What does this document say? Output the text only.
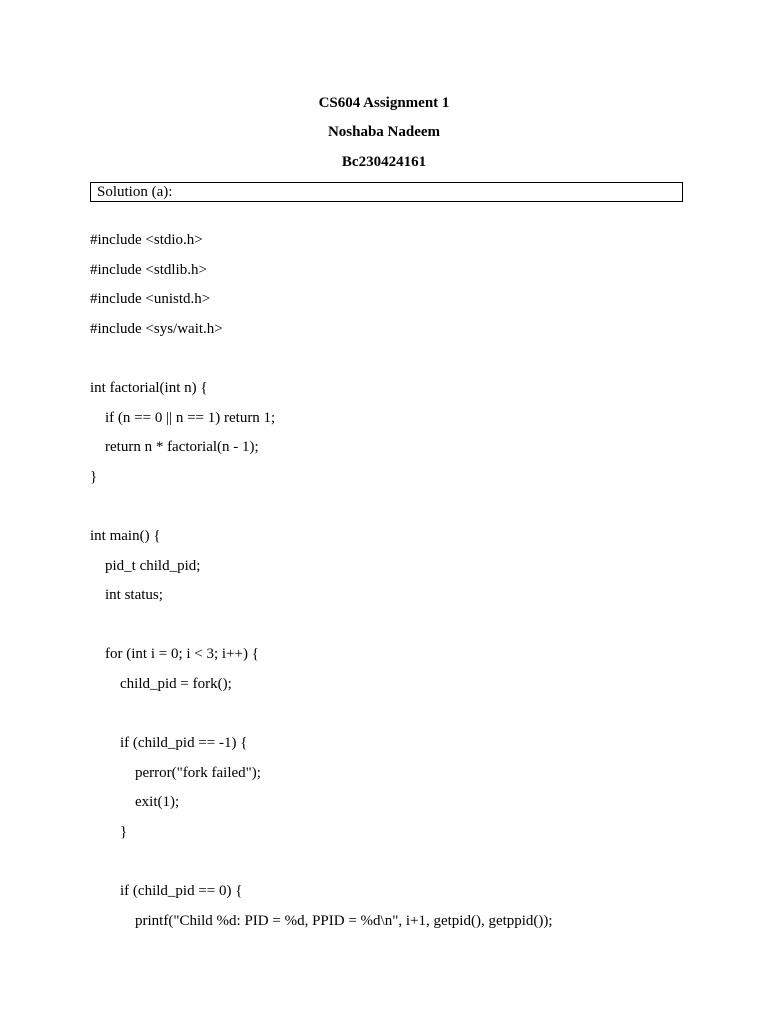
CS604 Assignment 1
Noshaba Nadeem
Bc230424161
Solution (a):
#include <stdio.h>
#include <stdlib.h>
#include <unistd.h>
#include <sys/wait.h>
int factorial(int n) {
if (n == 0 || n == 1) return 1;
return n * factorial(n - 1);
}
int main() {
pid_t child_pid;
int status;
for (int i = 0; i < 3; i++) {
child_pid = fork();
if (child_pid == -1) {
perror("fork failed");
exit(1);
}
if (child_pid == 0) {
printf("Child %d: PID = %d, PPID = %d\n", i+1, getpid(), getppid());
